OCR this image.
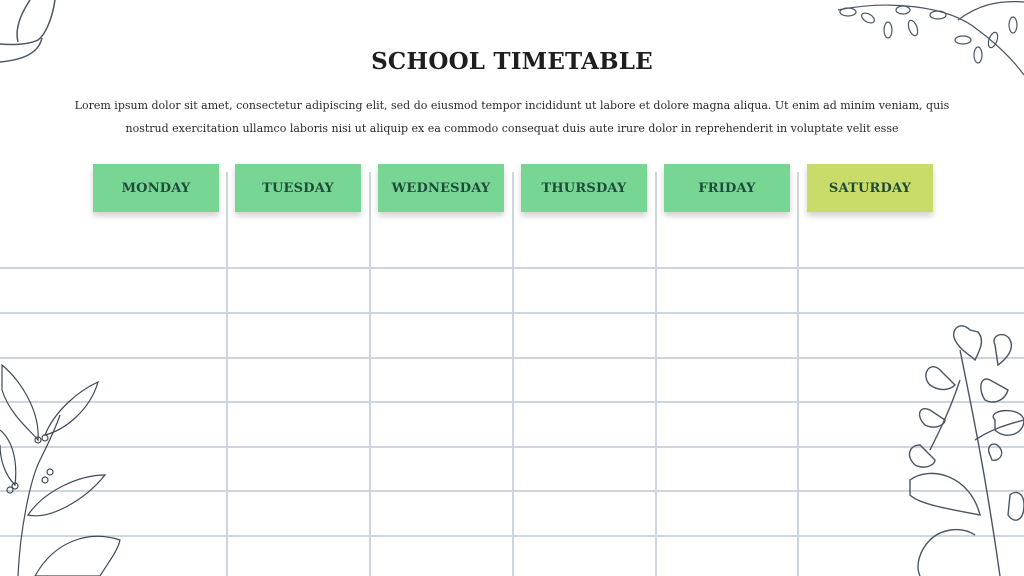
SCHOOL TIMETABLE
Lorem ipsum dolor sit amet, consectetur adipiscing elit, sed do eiusmod tempor incididunt ut labore et dolore magna aliqua. Ut enim ad minim veniam, quis
nostrud exercitation ullamco laboris nisi ut aliquip ex ea commodo consequat duis aute irure dolor in reprehenderit in voluptate velit esse
MONDAY	TUESDAY	WEDNESDAY	THURSDAY	FRIDAY	SATURDAY
